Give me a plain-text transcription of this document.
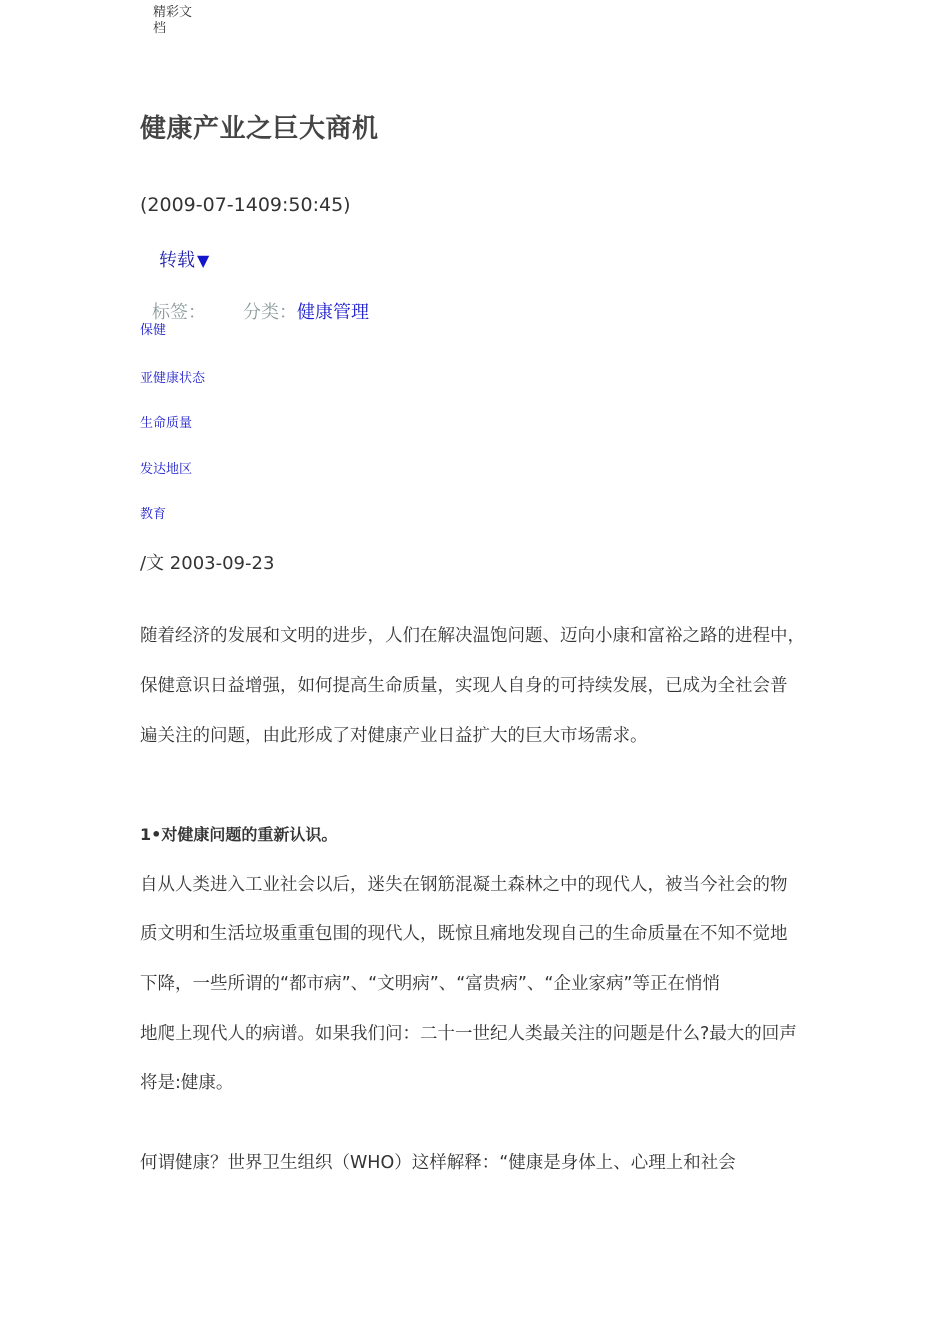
精彩文档
健康产业之巨大商机
(2009-07-1409:50:45)
转载 ▼
标签： 分类： 健康管理
保健
亚健康状态
生命质量
发达地区
教育
/文 2003-09-23
随着经济的发展和文明的进步，人们在解决温饱问题、迈向小康和富裕之路的进程中，
保健意识日益增强，如何提高生命质量，实现人自身的可持续发展，已成为全社会普
遍关注的问题，由此形成了对健康产业日益扩大的巨大市场需求。
1•对健康问题的重新认识。
自从人类进入工业社会以后，迷失在钢筋混凝土森林之中的现代人，被当今社会的物
质文明和生活垃圾重重包围的现代人，既惊且痛地发现自己的生命质量在不知不觉地
下降，一些所谓的“都市病”、“文明病”、“富贵病”、“企业家病”等正在悄悄
地爬上现代人的病谱。如果我们问：二十一世纪人类最关注的问题是什么?最大的回声
将是:健康。
何谓健康？世界卫生组织（WHO）这样解释：“健康是身体上、心理上和社会
